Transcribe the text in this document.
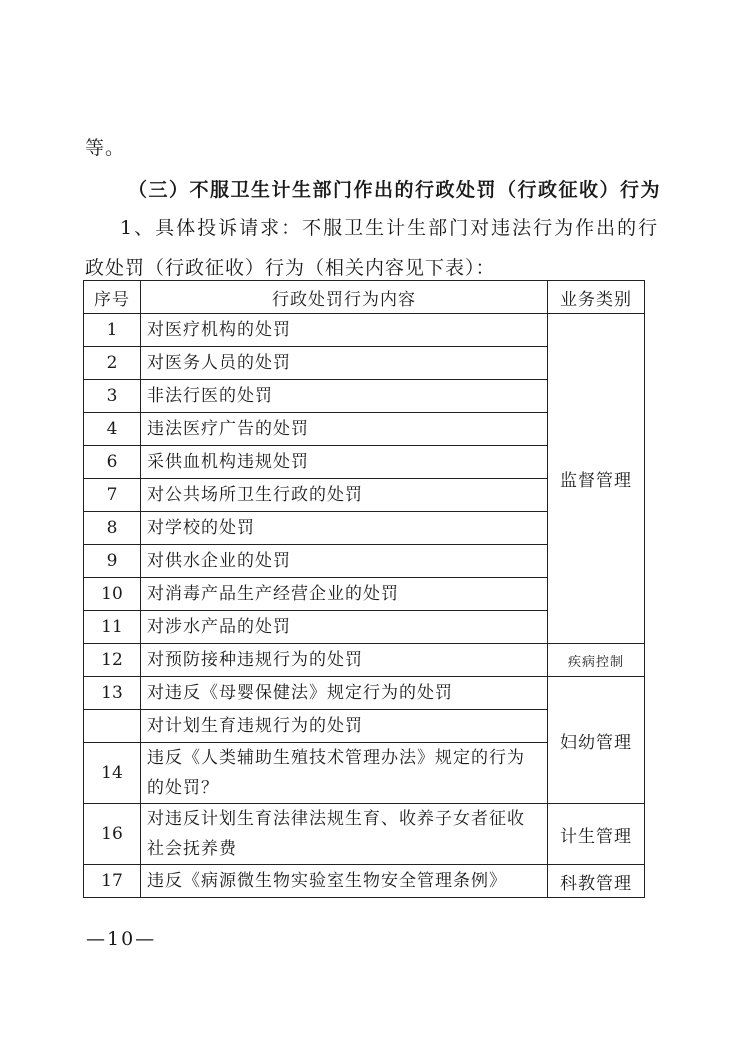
等。
（三）不服卫生计生部门作出的行政处罚（行政征收）行为
1、具体投诉请求：不服卫生计生部门对违法行为作出的行
政处罚（行政征收）行为（相关内容见下表）：
序号	行政处罚行为内容	业务类别
1	对医疗机构的处罚	监督管理
2	对医务人员的处罚	
3	非法行医的处罚	
4	违法医疗广告的处罚	
6	采供血机构违规处罚	
7	对公共场所卫生行政的处罚	
8	对学校的处罚	
9	对供水企业的处罚	
10	对消毒产品生产经营企业的处罚	
11	对涉水产品的处罚	
12	对预防接种违规行为的处罚	疾病控制
13	对违反《母婴保健法》规定行为的处罚	妇幼管理
	对计划生育违规行为的处罚	
14	违反《人类辅助生殖技术管理办法》规定的行为的处罚？	
16	对违反计划生育法律法规生育、收养子女者征收社会抚养费	计生管理
17	违反《病源微生物实验室生物安全管理条例》	科教管理
—10—
